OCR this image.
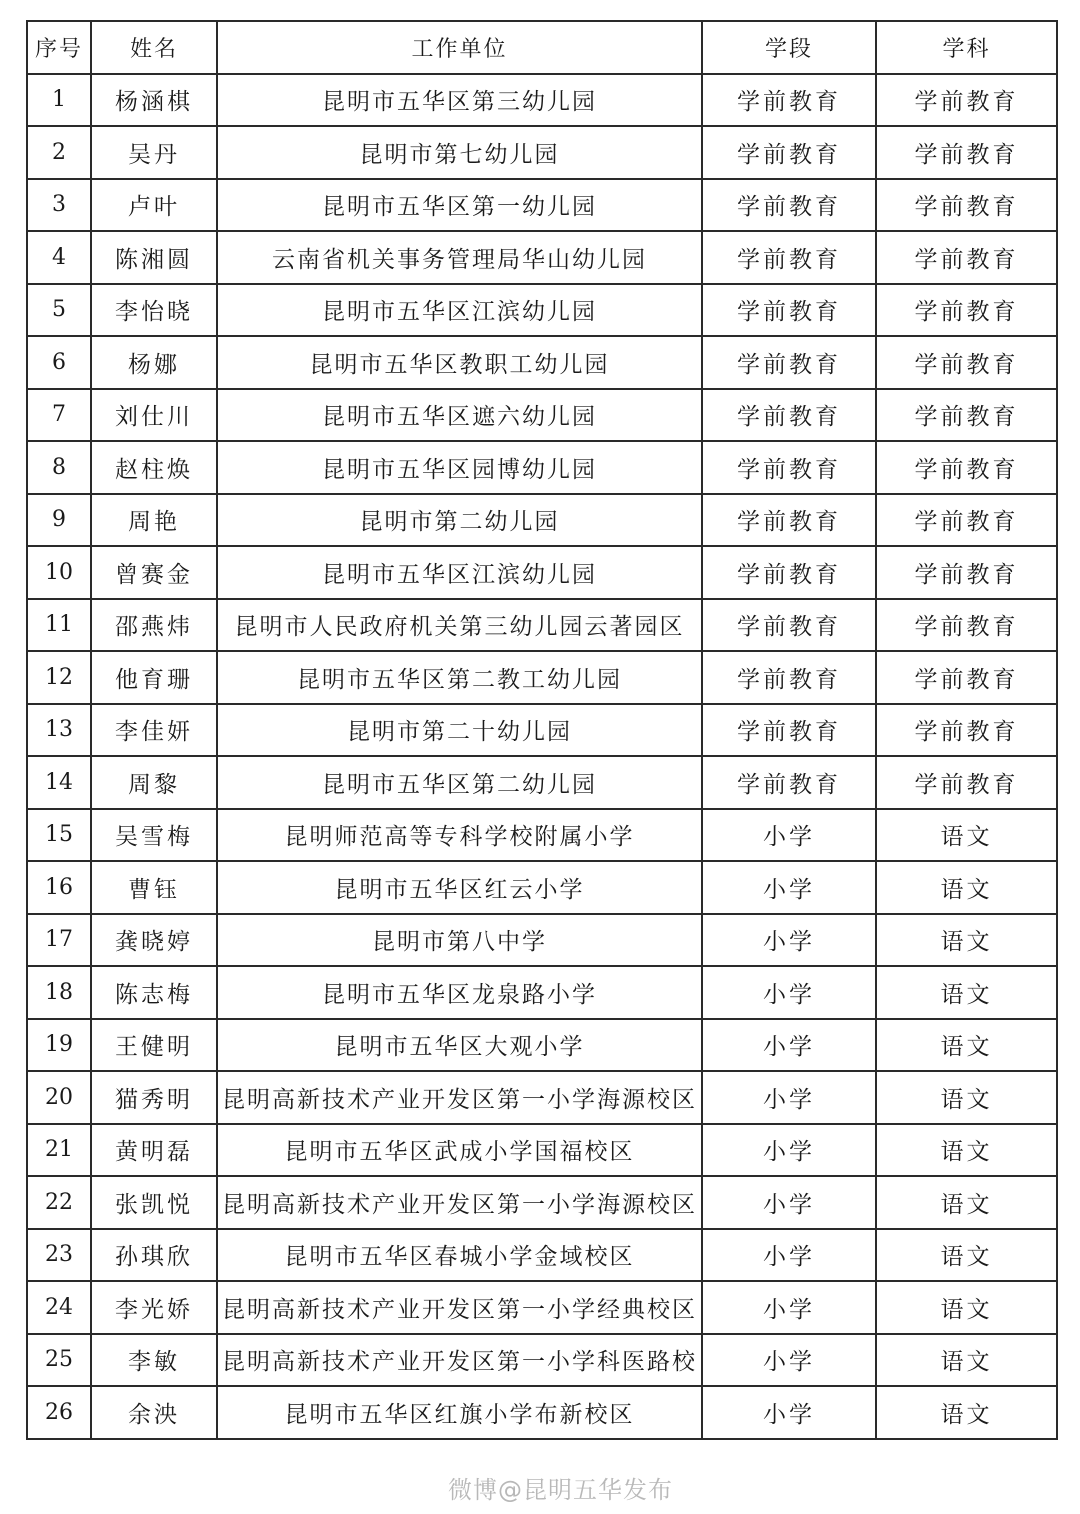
序号	姓名	工作单位	学段	学科
1	杨涵棋	昆明市五华区第三幼儿园	学前教育	学前教育
2	吴丹	昆明市第七幼儿园	学前教育	学前教育
3	卢叶	昆明市五华区第一幼儿园	学前教育	学前教育
4	陈湘圆	云南省机关事务管理局华山幼儿园	学前教育	学前教育
5	李怡晓	昆明市五华区江滨幼儿园	学前教育	学前教育
6	杨娜	昆明市五华区教职工幼儿园	学前教育	学前教育
7	刘仕川	昆明市五华区遮六幼儿园	学前教育	学前教育
8	赵柱焕	昆明市五华区园博幼儿园	学前教育	学前教育
9	周艳	昆明市第二幼儿园	学前教育	学前教育
10	曾赛金	昆明市五华区江滨幼儿园	学前教育	学前教育
11	邵燕炜	昆明市人民政府机关第三幼儿园云著园区	学前教育	学前教育
12	他育珊	昆明市五华区第二教工幼儿园	学前教育	学前教育
13	李佳妍	昆明市第二十幼儿园	学前教育	学前教育
14	周黎	昆明市五华区第二幼儿园	学前教育	学前教育
15	吴雪梅	昆明师范高等专科学校附属小学	小学	语文
16	曹钰	昆明市五华区红云小学	小学	语文
17	龚晓婷	昆明市第八中学	小学	语文
18	陈志梅	昆明市五华区龙泉路小学	小学	语文
19	王健明	昆明市五华区大观小学	小学	语文
20	猫秀明	昆明高新技术产业开发区第一小学海源校区	小学	语文
21	黄明磊	昆明市五华区武成小学国福校区	小学	语文
22	张凯悦	昆明高新技术产业开发区第一小学海源校区	小学	语文
23	孙琪欣	昆明市五华区春城小学金域校区	小学	语文
24	李光娇	昆明高新技术产业开发区第一小学经典校区	小学	语文
25	李敏	昆明高新技术产业开发区第一小学科医路校	小学	语文
26	余泱	昆明市五华区红旗小学布新校区	小学	语文
微博@昆明五华发布
